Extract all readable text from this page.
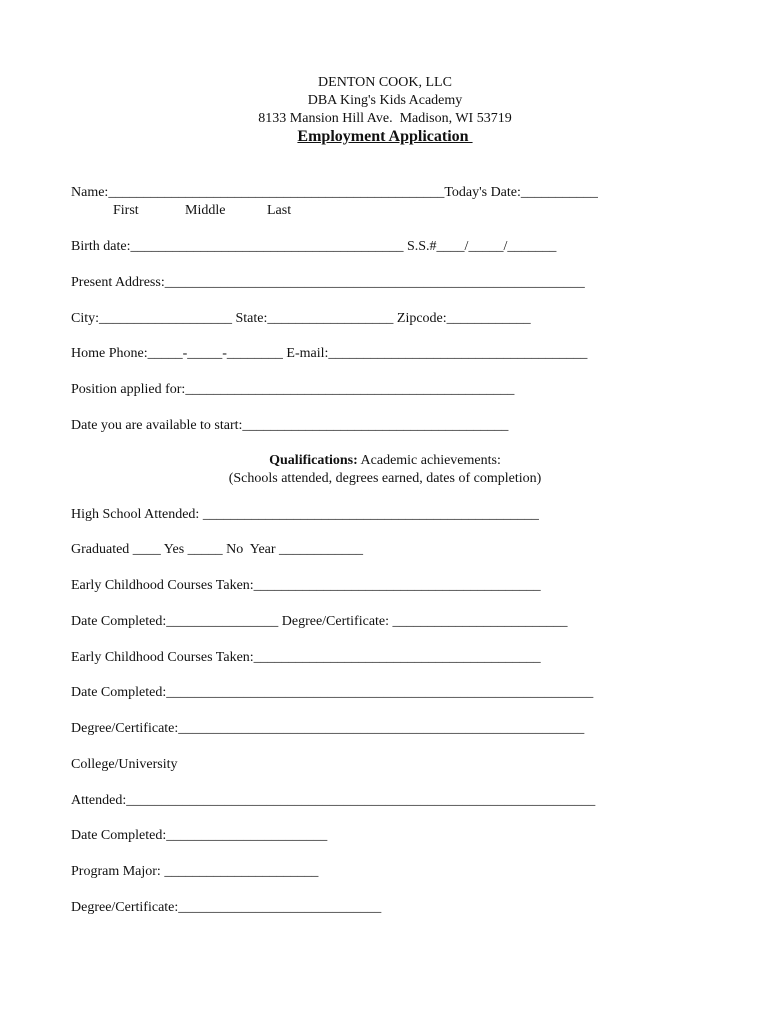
DENTON COOK, LLC
DBA King's Kids Academy
8133 Mansion Hill Ave.  Madison, WI 53719
Employment Application
Name:________________________________________________Today's Date:___________
First	Middle	Last
Birth date:_______________________________________ S.S.#____/_____/_______
Present Address:____________________________________________________________
City:___________________ State:__________________ Zipcode:____________
Home Phone:_____-_____-________ E-mail:_____________________________________
Position applied for:_______________________________________________
Date you are available to start:______________________________________
Qualifications: Academic achievements:
(Schools attended, degrees earned, dates of completion)
High School Attended: ________________________________________________
Graduated ____ Yes _____ No  Year ____________
Early Childhood Courses Taken:_________________________________________
Date Completed:________________ Degree/Certificate: _________________________
Early Childhood Courses Taken:_________________________________________
Date Completed:_____________________________________________________________
Degree/Certificate:__________________________________________________________
College/University
Attended:___________________________________________________________________
Date Completed:_______________________
Program Major: ______________________
Degree/Certificate:_____________________________
